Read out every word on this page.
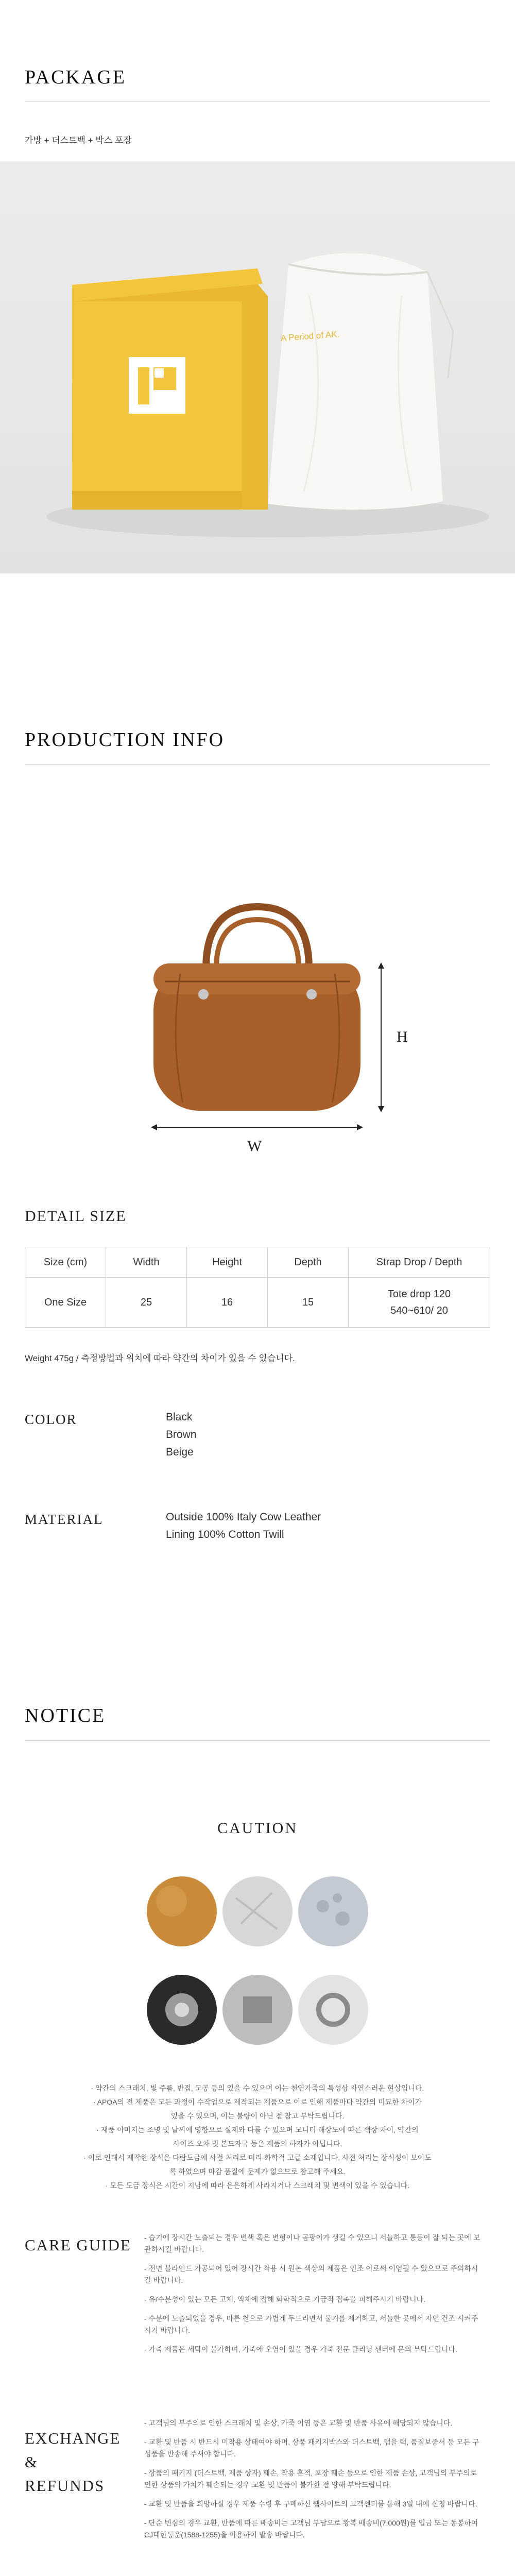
PACKAGE
가방 + 더스트백 + 박스 포장
A Period of AK.
PRODUCTION INFO
H
W
DETAIL SIZE
Size (cm)	Width	Height	Depth	Strap Drop / Depth
One Size	25	16	15	Tote drop 120
540~610/ 20
Weight 475g / 측정방법과 위치에 따라 약간의 차이가 있을 수 있습니다.
COLOR	Black
Brown
Beige
MATERIAL	Outside 100% Italy Cow Leather
Lining 100% Cotton Twill
NOTICE
CAUTION
· 약간의 스크래치, 빛 주름, 반점, 모공 등의 있을 수 있으며 이는 천연가죽의 특성상 자연스러운 현상입니다.
· APOA의 전 제품은 모든 과정이 수작업으로 제작되는 제품으로 이로 인해 제품마다 약간의 미묘한 차이가 있을 수 있으며, 이는 불량이 아닌 점 참고 부탁드립니다.
· 제품 이미지는 조명 및 날씨에 영향으로 실제와 다를 수 있으며 모니터 해상도에 따른 색상 차이, 약간의 사이즈 오차 및 본드자국 등은 제품의 하자가 아닙니다.
· 이로 인해서 제작한 장식은 다람도금에 사전 처리로 미리 화학적 고급 소재입니다. 사전 처리는 장식성이 보이도록 하였으며 마감 품질에 문제가 없으므로 참고해 주세요.
· 모든 도금 장식은 시간이 지남에 따라 은은하게 사라지거나 스크래치 및 변색이 있을 수 있습니다.
CARE GUIDE - 습기에 장시간 노출되는 경우 변색 혹은 변형이나 곰팡이가 생길 수 있으니 서늘하고 통풍이 잘 되는 곳에 보관하시길 바랍니다.

- 전면 블라인드 가공되어 있어 장시간 착용 시 원본 색상의 제품은 인조 이로써 이염될 수 있으므로 주의하시길 바랍니다.

- 유/수분성이 있는 모든 고체, 액체에 접해 화학적으로 기급적 접촉을 피해주시기 바랍니다.

- 수분에 노출되었을 경우, 마른 천으로 가볍게 두드리면서 물기를 제거하고, 서늘한 곳에서 자연 건조 시켜주시기 바랍니다.

- 가죽 제품은 세탁이 불가하며, 가죽에 오염이 있을 경우 가죽 전문 클리닝 센터에 문의 부탁드립니다.

EXCHANGE
&
REFUNDS

- 고객님의 부주의로 인한 스크래치 및 손상, 가죽 이염 등은 교환 및 반품 사유에 해당되지 않습니다.

- 교환 및 반품 시 반드시 미착용 상태여야 하며, 상품 패키지박스와 더스트백, 탭을 택, 품질보증서 등 모든 구성품을 반송해 주셔야 합니다.

- 상품의 패키지 (더스트백, 제품 상자) 훼손, 착용 흔적, 포장 훼손 등으로 인한 제품 손상, 고객님의 부주의로 인한 상품의 가치가 훼손되는 경우 교환 및 반품이 불가한 점 양해 부탁드립니다.

- 교환 및 반품을 희망하실 경우 제품 수령 후 구매하신 웹사이트의 고객센터를 통해 3일 내에 신청 바랍니다.

- 단순 변심의 경우 교환, 반품에 따른 배송비는 고객님 부담으로 왕복 배송비(7,000원)를 입금 또는 동봉하여 CJ대한통운(1588-1255)을 이용하여 발송 바랍니다.
